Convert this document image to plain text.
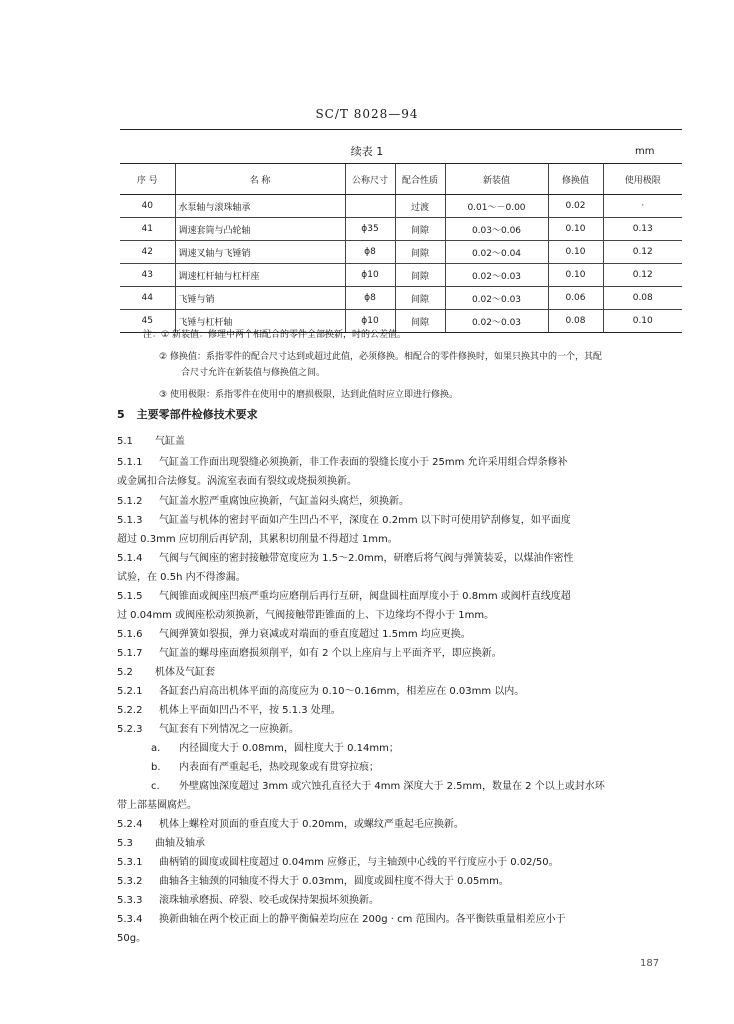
SC/T 8028—94
续表 1	mm
序 号	名 称	公称尺寸	配合性质	新装值	修换值	使用极限
40	水泵轴与滚珠轴承		过渡	0.01～－0.00	0.02	·
41	调速套筒与凸轮轴	ϕ35	间隙	0.03～0.06	0.10	0.13
42	调速叉轴与飞锤销	ϕ8	间隙	0.02～0.04	0.10	0.12
43	调速杠杆轴与杠杆座	ϕ10	间隙	0.02～0.03	0.10	0.12
44	飞锤与销	ϕ8	间隙	0.02～0.03	0.06	0.08
45	飞锤与杠杆轴	ϕ10	间隙	0.02～0.03	0.08	0.10
注：① 新装值：修理中两个相配合的零件全部换新，时的公差值。
② 修换值：系指零件的配合尺寸达到或超过此值，必须修换。相配合的零件修换时，如果只换其中的一个，其配
合尺寸允许在新装值与修换值之间。
③ 使用极限：系指零件在使用中的磨损极限，达到此值时应立即进行修换。
5 主要零部件检修技术要求
5.1 气缸盖
5.1.1 气缸盖工作面出现裂缝必须换新，非工作表面的裂缝长度小于 25mm 允许采用组合焊条修补
或金属扣合法修复。涡流室表面有裂纹或烧损须换新。
5.1.2 气缸盖水腔严重腐蚀应换新，气缸盖闷头腐烂，须换新。
5.1.3 气缸盖与机体的密封平面如产生凹凸不平，深度在 0.2mm 以下时可使用铲刮修复，如平面度
超过 0.3mm 应切削后再铲刮，其累积切削量不得超过 1mm。
5.1.4 气阀与气阀座的密封接触带宽度应为 1.5～2.0mm，研磨后将气阀与弹簧装妥，以煤油作密性
试验，在 0.5h 内不得渗漏。
5.1.5 气阀锥面或阀座凹痕严重均应磨削后再行互研，阀盘圆柱面厚度小于 0.8mm 或阀杆直线度超
过 0.04mm 或阀座松动须换新，气阀接触带距锥面的上、下边缘均不得小于 1mm。
5.1.6 气阀弹簧如裂损，弹力衰减或对端面的垂直度超过 1.5mm 均应更换。
5.1.7 气缸盖的螺母座面磨损须削平，如有 2 个以上座肩与上平面齐平，即应换新。
5.2 机体及气缸套
5.2.1 各缸套凸肩高出机体平面的高度应为 0.10～0.16mm，相差应在 0.03mm 以内。
5.2.2 机体上平面如凹凸不平，按 5.1.3 处理。
5.2.3 气缸套有下列情况之一应换新。
a. 内径圆度大于 0.08mm，圆柱度大于 0.14mm；
b. 内表面有严重起毛，热咬现象或有贯穿拉痕；
c. 外壁腐蚀深度超过 3mm 或穴蚀孔直径大于 4mm 深度大于 2.5mm，数量在 2 个以上或封水环
带上部基圈腐烂。
5.2.4 机体上螺栓对顶面的垂直度大于 0.20mm，或螺纹严重起毛应换新。
5.3 曲轴及轴承
5.3.1 曲柄销的圆度或圆柱度超过 0.04mm 应修正，与主轴颈中心线的平行度应小于 0.02/50。
5.3.2 曲轴各主轴颈的同轴度不得大于 0.03mm，圆度或圆柱度不得大于 0.05mm。
5.3.3 滚珠轴承磨损、碎裂、咬毛或保持架损坏须换新。
5.3.4 换新曲轴在两个校正面上的静平衡偏差均应在 200g · cm 范围内。各平衡铁重量相差应小于
50g。
187
